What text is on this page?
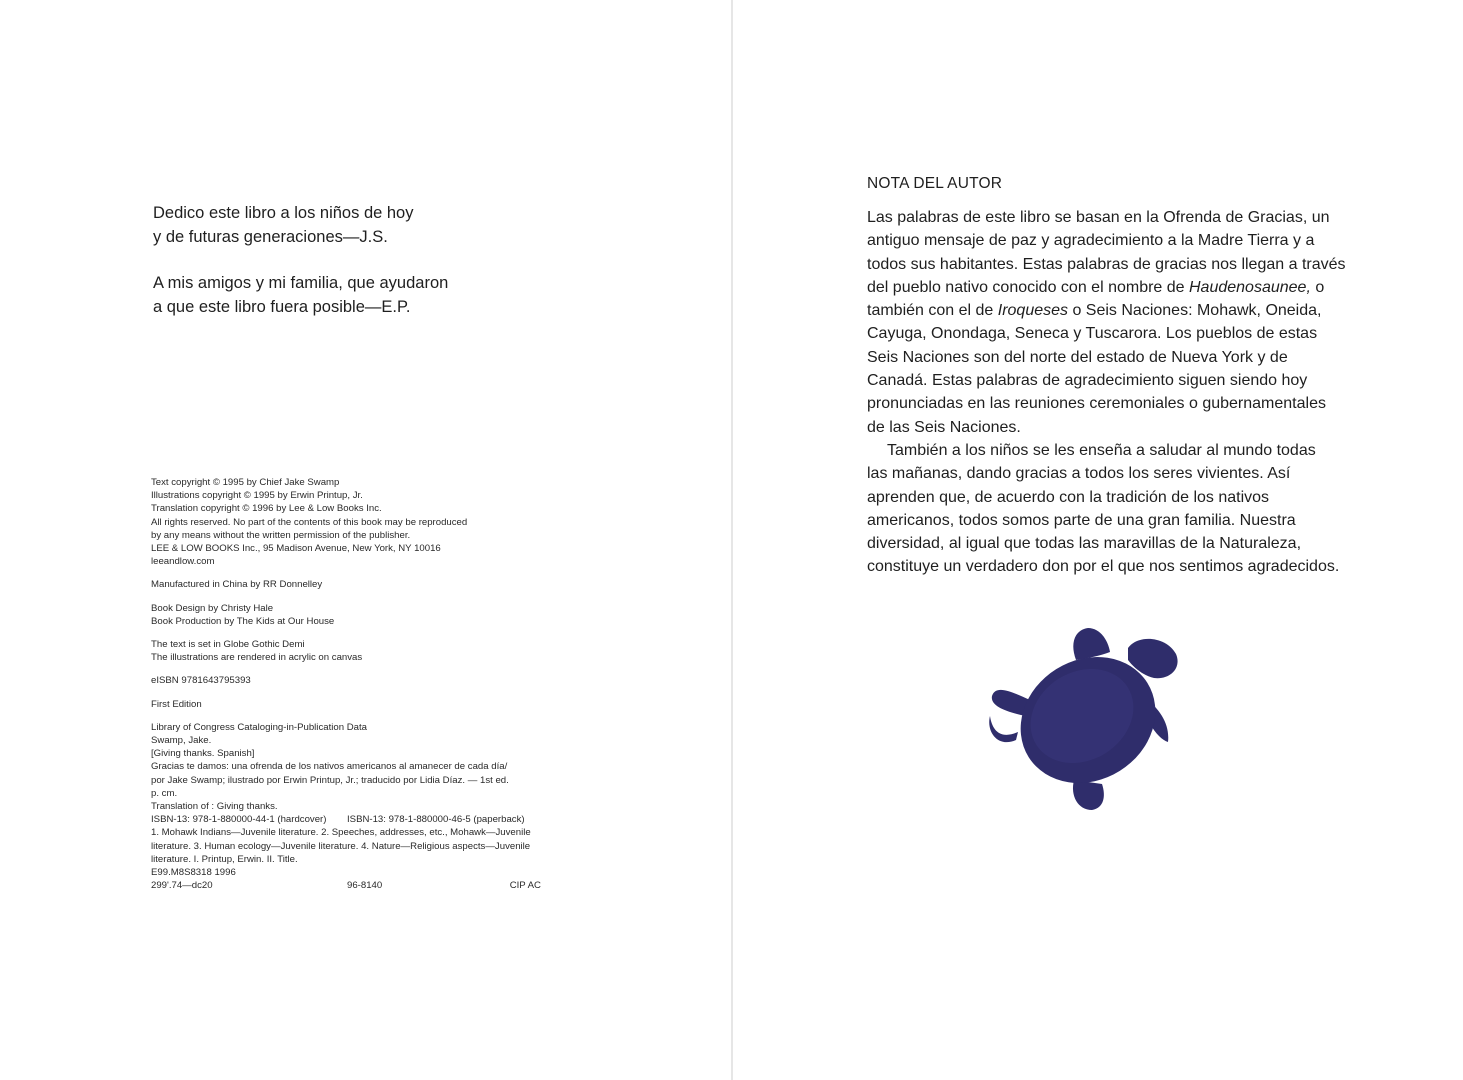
Dedico este libro a los niños de hoy
y de futuras generaciones—J.S.
A mis amigos y mi familia, que ayudaron
a que este libro fuera posible—E.P.
Text copyright © 1995 by Chief Jake Swamp
Illustrations copyright © 1995 by Erwin Printup, Jr.
Translation copyright © 1996 by Lee & Low Books Inc.
All rights reserved. No part of the contents of this book may be reproduced
by any means without the written permission of the publisher.
LEE & LOW BOOKS Inc., 95 Madison Avenue, New York, NY 10016
leeandlow.com
Manufactured in China by RR Donnelley
Book Design by Christy Hale
Book Production by The Kids at Our House
The text is set in Globe Gothic Demi
The illustrations are rendered in acrylic on canvas
eISBN 9781643795393
First Edition
Library of Congress Cataloging-in-Publication Data
Swamp, Jake.
[Giving thanks. Spanish]
Gracias te damos: una ofrenda de los nativos americanos al amanecer de cada día/
por Jake Swamp; ilustrado por Erwin Printup, Jr.; traducido por Lidia Díaz. — 1st ed.
p. cm.
Translation of : Giving thanks.
ISBN-13: 978-1-880000-44-1 (hardcover)	ISBN-13: 978-1-880000-46-5 (paperback)
1. Mohawk Indians—Juvenile literature. 2. Speeches, addresses, etc., Mohawk—Juvenile
literature. 3. Human ecology—Juvenile literature. 4. Nature—Religious aspects—Juvenile
literature. I. Printup, Erwin. II. Title.
E99.M8S8318 1996
299'.74—dc20	96-8140	CIP AC
NOTA DEL AUTOR
Las palabras de este libro se basan en la Ofrenda de Gracias, un
antiguo mensaje de paz y agradecimiento a la Madre Tierra y a
todos sus habitantes. Estas palabras de gracias nos llegan a través
del pueblo nativo conocido con el nombre de Haudenosaunee, o
también con el de Iroqueses o Seis Naciones: Mohawk, Oneida,
Cayuga, Onondaga, Seneca y Tuscarora. Los pueblos de estas
Seis Naciones son del norte del estado de Nueva York y de
Canadá. Estas palabras de agradecimiento siguen siendo hoy
pronunciadas en las reuniones ceremoniales o gubernamentales
de las Seis Naciones.
También a los niños se les enseña a saludar al mundo todas
las mañanas, dando gracias a todos los seres vivientes. Así
aprenden que, de acuerdo con la tradición de los nativos
americanos, todos somos parte de una gran familia. Nuestra
diversidad, al igual que todas las maravillas de la Naturaleza,
constituye un verdadero don por el que nos sentimos agradecidos.
